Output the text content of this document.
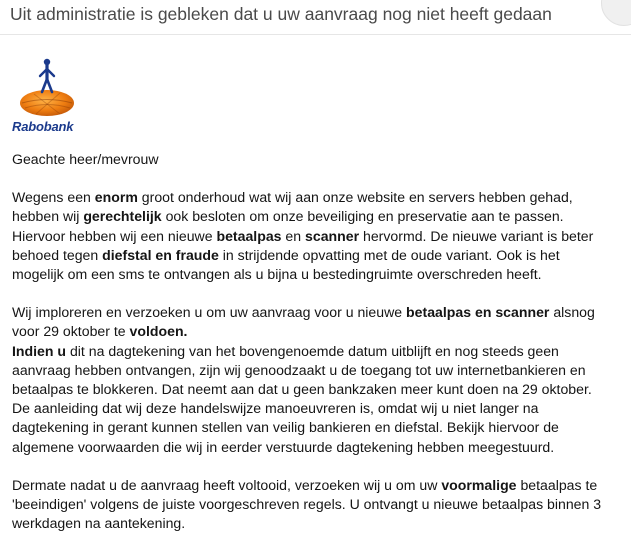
Uit administratie is gebleken dat u uw aanvraag nog niet heeft gedaan
Rabobank

Geachte heer/mevrouw

Wegens een enorm groot onderhoud wat wij aan onze website en servers hebben gehad,
hebben wij gerechtelijk ook besloten om onze beveiliging en preservatie aan te passen.
Hiervoor hebben wij een nieuwe betaalpas en scanner hervormd. De nieuwe variant is beter
behoed tegen diefstal en fraude in strijdende opvatting met de oude variant. Ook is het
mogelijk om een sms te ontvangen als u bijna u bestedingruimte overschreden heeft.

Wij imploreren en verzoeken u om uw aanvraag voor u nieuwe betaalpas en scanner alsnog
voor 29 oktober te voldoen.
Indien u dit na dagtekening van het bovengenoemde datum uitblijft en nog steeds geen
aanvraag hebben ontvangen, zijn wij genoodzaakt u de toegang tot uw internetbankieren en
betaalpas te blokkeren. Dat neemt aan dat u geen bankzaken meer kunt doen na 29 oktober.
De aanleiding dat wij deze handelswijze manoeuvreren is, omdat wij u niet langer na
dagtekening in gerant kunnen stellen van veilig bankieren en diefstal. Bekijk hiervoor de
algemene voorwaarden die wij in eerder verstuurde dagtekening hebben meegestuurd.

Dermate nadat u de aanvraag heeft voltooid, verzoeken wij u om uw voormalige betaalpas te
'beeindigen' volgens de juiste voorgeschreven regels. U ontvangt u nieuwe betaalpas binnen 3
werkdagen na aantekening.
